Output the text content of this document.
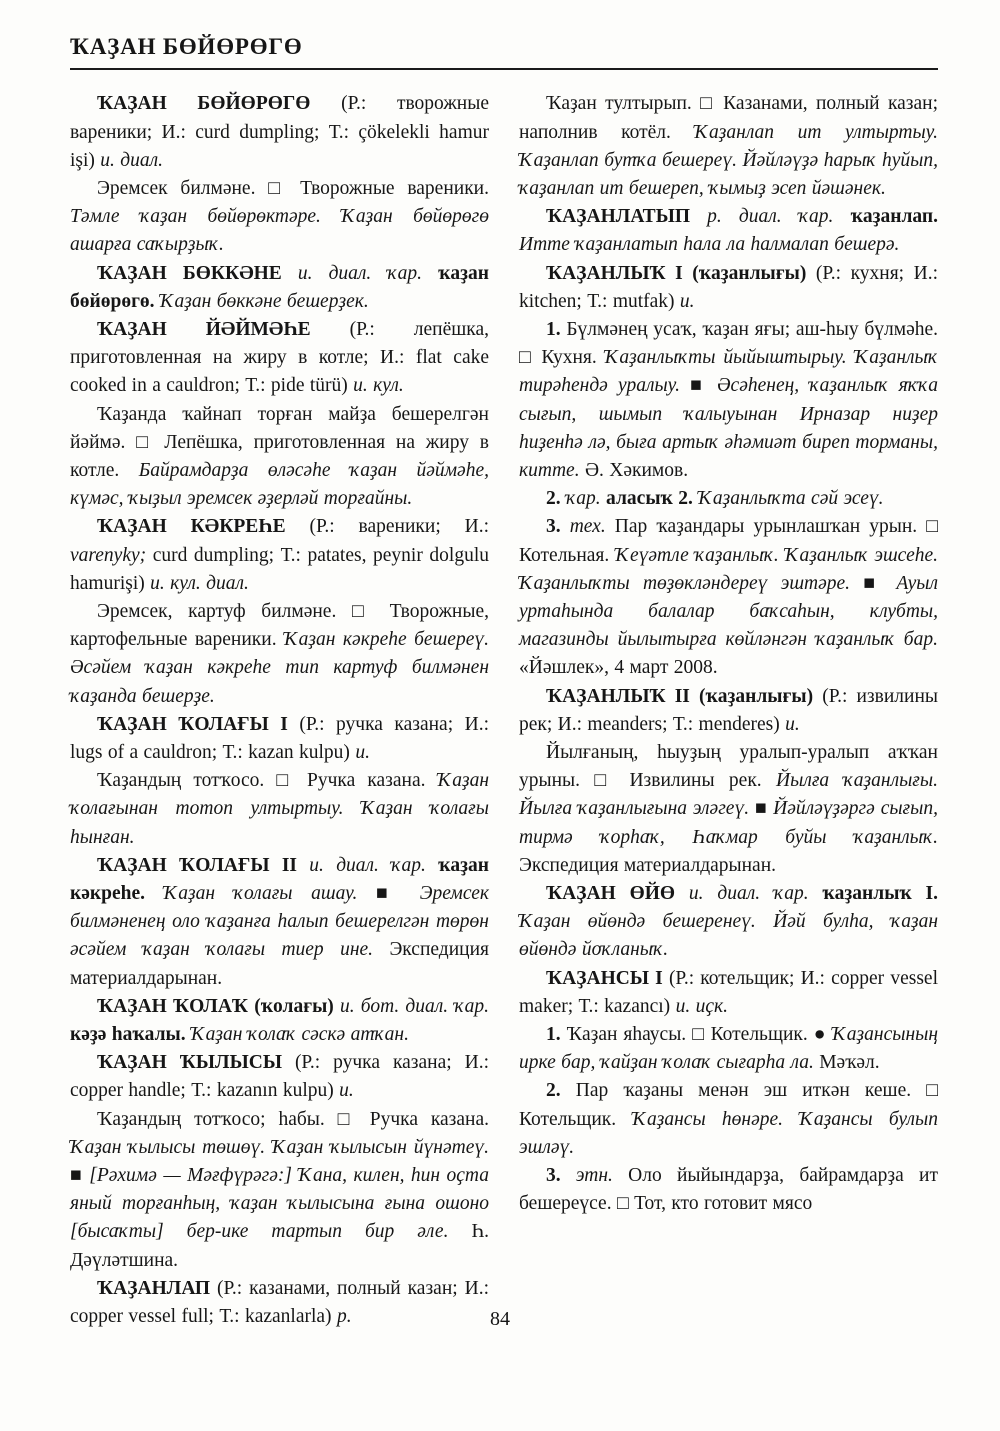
ҠАҘАН БӨЙӨРӨГӨ

ҠАҘАН БӨЙӨРӨГӨ (Р.: творожные вареники; И.: curd dumpling; Т.: çökelekli hamur işi) и. диал.

Эремсек билмәне. □ Творожные вареники. Тәмле ҡаҙан бөйөрөктәре. Ҡаҙан бөйөрөгө ашарға саҡырҙыҡ.

ҠАҘАН БӨККӘНЕ и. диал. ҡар. ҡаҙан бөйөрөгө. Ҡаҙан бөккәне бешерҙек.

ҠАҘАН ЙӘЙМӘҺЕ (Р.: лепёшка, приготовленная на жиру в котле; И.: flat cake cooked in a cauldron; Т.: pide türü) и. кул.

Ҡаҙанда ҡайнап торған майҙа бешерелгән йәймә. □ Лепёшка, приготовленная на жиру в котле. Байрамдарҙа өләсәһе ҡаҙан йәймәһе, күмәс, ҡыҙыл эремсек әҙерләй торғайны.

ҠАҘАН КӘКРЕҺЕ (Р.: вареники; И.: varenyky; curd dumpling; Т.: patates, peynir dolgulu hamurişi) и. кул. диал.

Эремсек, картуф билмәне. □ Творожные, картофельные вареники. Ҡаҙан кәкреһе бешереү. Әсәйем ҡаҙан кәкреһе тип картуф билмәнен ҡаҙанда бешерҙе.

ҠАҘАН ҠОЛАҒЫ I (Р.: ручка казана; И.: lugs of a cauldron; Т.: kazan kulpu) и.

Ҡаҙандың тотҡосо. □ Ручка казана. Ҡаҙан ҡолағынан тотоп ултыртыу. Ҡаҙан ҡолағы һынған.

ҠАҘАН ҠОЛАҒЫ II и. диал. ҡар. ҡаҙан кәкреһе. Ҡаҙан ҡолағы ашау. ■ Эремсек билмәненең оло ҡаҙанға һалып бешерелгән төрөн әсәйем ҡаҙан ҡолағы тиер ине. Экспедиция материалдарынан.

ҠАҘАН ҠОЛАҠ (ҡолағы) и. бот. диал. ҡар. кәҙә һаҡалы. Ҡаҙан ҡолаҡ сәскә атҡан.

ҠАҘАН ҠЫЛЫСЫ (Р.: ручка казана; И.: copper handle; Т.: kazanın kulpu) и.

Ҡаҙандың тотҡосо; һабы. □ Ручка казана. Ҡаҙан ҡылысы төшөү. Ҡаҙан ҡылысын йүнәтеү. ■ [Рәхимә — Мәғфүрәгә:] Ҡана, килен, һин оҫта яный торғанһың, ҡаҙан ҡылысына ғына ошоно [бысаҡты] бер-ике тартып бир әле. Һ. Дәүләтшина.

ҠАҘАНЛАП (Р.: казанами, полный казан; И.: copper vessel full; Т.: kazanlarla) р.

Ҡаҙан тултырып. □ Казанами, полный казан; наполнив котёл. Ҡаҙанлап ит ултыртыу. Ҡаҙанлап бутҡа бешереү. Йәйләүҙә һарыҡ һуйып, ҡаҙанлап ит бешереп, ҡымыҙ эсеп йәшәнек.

ҠАҘАНЛАТЫП р. диал. ҡар. ҡаҙанлап. Итте ҡаҙанлатып һала ла һалмалап бешерә.

ҠАҘАНЛЫҠ I (ҡаҙанлығы) (Р.: кухня; И.: kitchen; Т.: mutfak) и.

1. Бүлмәнең усаҡ, ҡаҙан яғы; аш-һыу бүлмәһе. □ Кухня. Ҡаҙанлыҡты йыйыштырыу. Ҡаҙанлыҡ тирәһендә уралыу. ■ Әсәһенең, ҡаҙанлыҡ яҡҡа сығып, шымып ҡалыуынан Ирназар ниҙер һиҙенһә лә, быға артыҡ әһәмиәт биреп торманы, китте. Ә. Хәкимов.

2. ҡар. аласыҡ 2. Ҡаҙанлыҡта сәй эсеү.

3. тех. Пар ҡаҙандары урынлашҡан урын. □ Котельная. Ҡеүәтле ҡаҙанлыҡ. Ҡаҙанлыҡ эшсеһе. Ҡаҙанлыҡты төҙөкләндереү эштәре. ■ Ауыл уртаһында балалар баҡсаһын, клубты, магазинды йылытырға көйләнгән ҡаҙанлыҡ бар. «Йәшлек», 4 март 2008.

ҠАҘАНЛЫҠ II (ҡаҙанлығы) (Р.: извилины рек; И.: meanders; Т.: menderes) и.

Йылғаның, һыуҙың уралып-уралып аҡҡан урыны. □ Извилины рек. Йылға ҡаҙанлығы. Йылға ҡаҙанлығына эләгеү. ■ Йәйләүҙәргә сығып, тирмә ҡорһаҡ, Һаҡмар буйы ҡаҙанлыҡ. Экспедиция материалдарынан.

ҠАҘАН ӨЙӨ и. диал. ҡар. ҡаҙанлыҡ I. Ҡаҙан өйөндә бешеренеү. Йәй булһа, ҡаҙан өйөндә йоҡланыҡ.

ҠАҘАНСЫ I (Р.: котельщик; И.: copper vessel maker; Т.: kazancı) и. иҫк.

1. Ҡаҙан яһаусы. □ Котельщик. ● Ҡаҙансының ирке бар, ҡайҙан ҡолаҡ сығарһа ла. Мәҡәл.

2. Пар ҡаҙаны менән эш иткән кеше. □ Котельщик. Ҡаҙансы һөнәре. Ҡаҙансы булып эшләү.

3. этн. Оло йыйындарҙа, байрамдарҙа ит бешереүсе. □ Тот, кто готовит мясо

84
